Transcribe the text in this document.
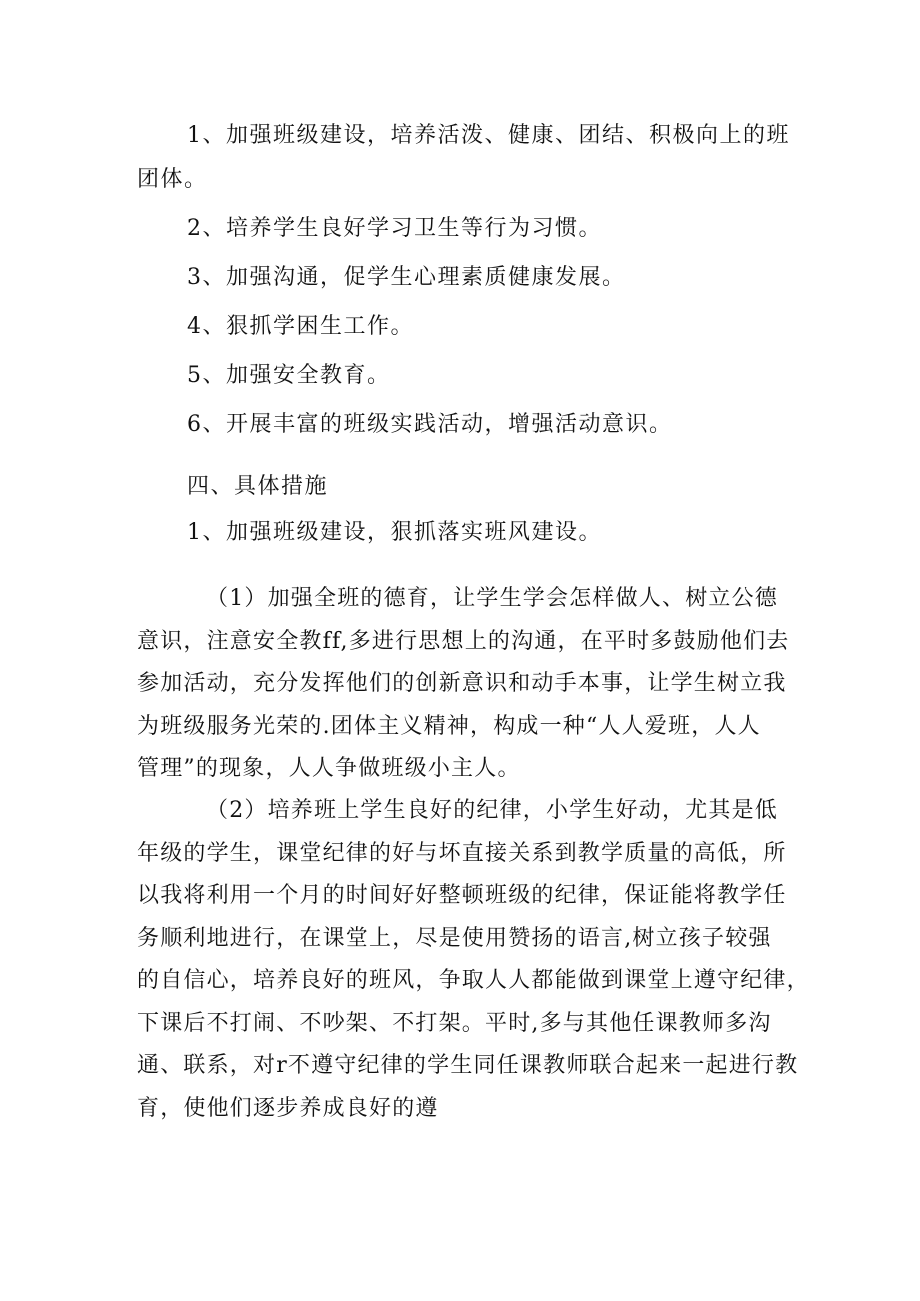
1、加强班级建设，培养活泼、健康、团结、积极向上的班
团体。
2、培养学生良好学习卫生等行为习惯。
3、加强沟通，促学生心理素质健康发展。
4、狠抓学困生工作。
5、加强安全教育。
6、开展丰富的班级实践活动，增强活动意识。
四、具体措施
1、加强班级建设，狠抓落实班风建设。
（1）加强全班的德育，让学生学会怎样做人、树立公德
意识，注意安全教ff,多进行思想上的沟通，在平时多鼓励他们去
参加活动，充分发挥他们的创新意识和动手本事，让学生树立我
为班级服务光荣的.团体主义精神，构成一种“人人爱班，人人
管理”的现象，人人争做班级小主人。
（2）培养班上学生良好的纪律，小学生好动，尤其是低
年级的学生，课堂纪律的好与坏直接关系到教学质量的高低，所
以我将利用一个月的时间好好整顿班级的纪律，保证能将教学任
务顺利地进行，在课堂上，尽是使用赞扬的语言,树立孩子较强
的自信心，培养良好的班风，争取人人都能做到课堂上遵守纪律，
下课后不打闹、不吵架、不打架。平时,多与其他任课教师多沟
通、联系，对r不遵守纪律的学生同任课教师联合起来一起进行教
育，使他们逐步养成良好的遵
